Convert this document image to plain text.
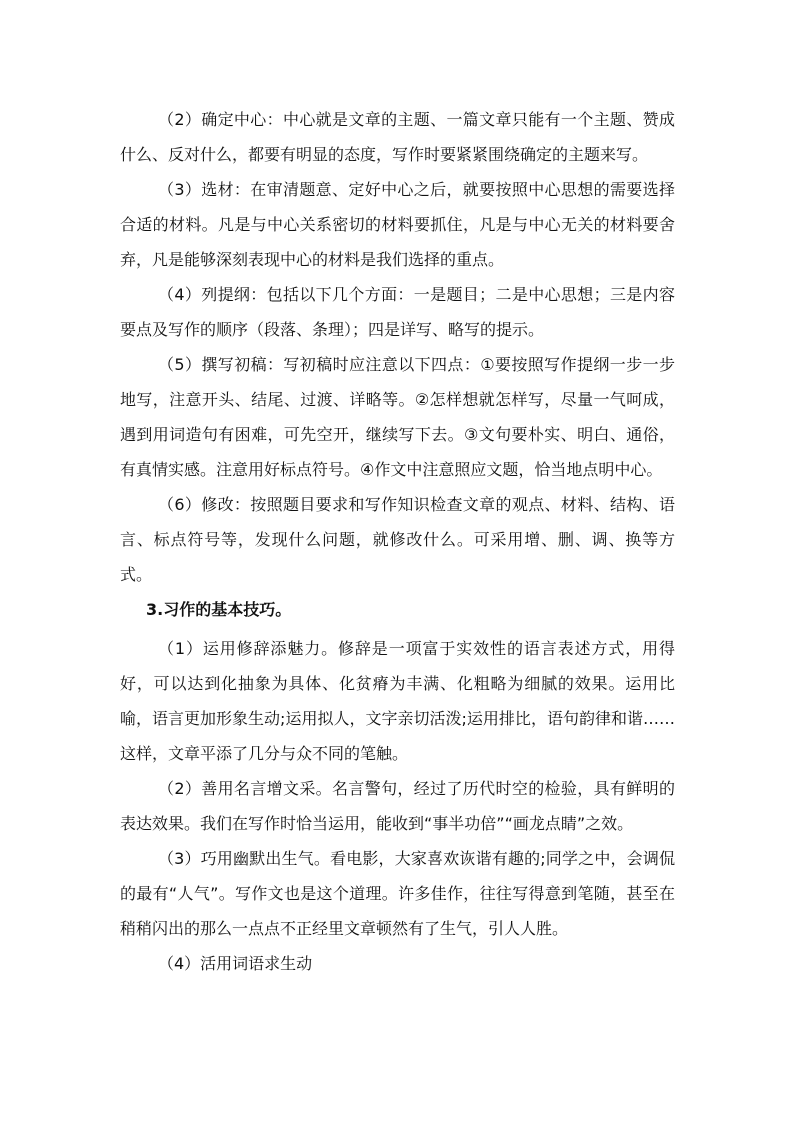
（2）确定中心：中心就是文章的主题、一篇文章只能有一个主题、赞成什么、反对什么，都要有明显的态度，写作时要紧紧围绕确定的主题来写。

（3）选材：在审清题意、定好中心之后，就要按照中心思想的需要选择合适的材料。凡是与中心关系密切的材料要抓住，凡是与中心无关的材料要舍弃，凡是能够深刻表现中心的材料是我们选择的重点。

（4）列提纲：包括以下几个方面：一是题目；二是中心思想；三是内容要点及写作的顺序（段落、条理）；四是详写、略写的提示。

（5）撰写初稿：写初稿时应注意以下四点：①要按照写作提纲一步一步地写，注意开头、结尾、过渡、详略等。②怎样想就怎样写，尽量一气呵成，遇到用词造句有困难，可先空开，继续写下去。③文句要朴实、明白、通俗，有真情实感。注意用好标点符号。④作文中注意照应文题，恰当地点明中心。

（6）修改：按照题目要求和写作知识检查文章的观点、材料、结构、语言、标点符号等，发现什么问题，就修改什么。可采用增、删、调、换等方式。

3.习作的基本技巧。

（1）运用修辞添魅力。修辞是一项富于实效性的语言表述方式，用得好，可以达到化抽象为具体、化贫瘠为丰满、化粗略为细腻的效果。运用比喻，语言更加形象生动;运用拟人，文字亲切活泼;运用排比，语句韵律和谐……这样，文章平添了几分与众不同的笔触。

（2）善用名言增文采。名言警句，经过了历代时空的检验，具有鲜明的表达效果。我们在写作时恰当运用，能收到“事半功倍”“画龙点睛”之效。

（3）巧用幽默出生气。看电影，大家喜欢诙谐有趣的;同学之中，会调侃的最有“人气”。写作文也是这个道理。许多佳作，往往写得意到笔随，甚至在稍稍闪出的那么一点点不正经里文章顿然有了生气，引人人胜。

（4）活用词语求生动
